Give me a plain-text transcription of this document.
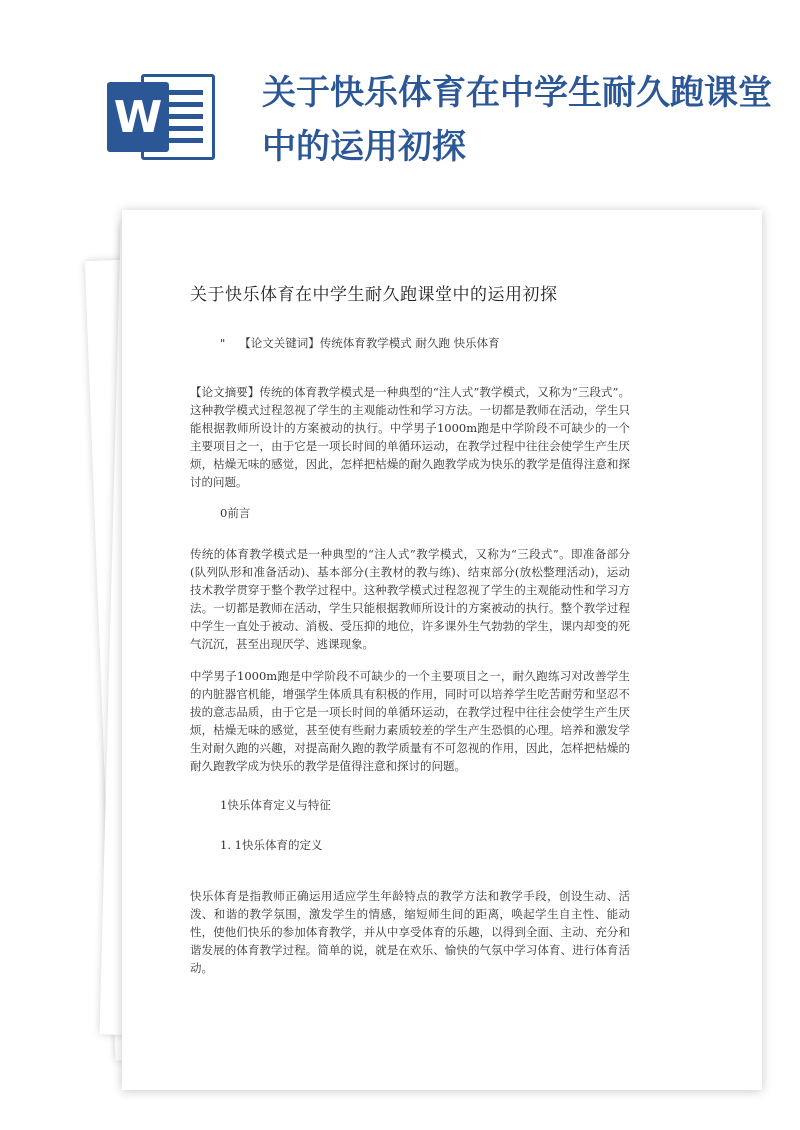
W	关于快乐体育在中学生耐久跑课堂中的运用初探
关于快乐体育在中学生耐久跑课堂中的运用初探
" 【论文关键词】传统体育教学模式 耐久跑 快乐体育

【论文摘要】传统的体育教学模式是一种典型的“注人式”教学模式，又称为“三段式”。这种教学模式过程忽视了学生的主观能动性和学习方法。一切都是教师在活动，学生只能根据教师所设计的方案被动的执行。中学男子1000m跑是中学阶段不可缺少的一个主要项目之一，由于它是一项长时间的单循环运动，在教学过程中往往会使学生产生厌烦，枯燥无味的感觉，因此，怎样把枯燥的耐久跑教学成为快乐的教学是值得注意和探讨的问题。

0前言

传统的体育教学模式是一种典型的“注人式”教学模式，又称为“三段式”。即准备部分(队列队形和准备活动)、基本部分(主教材的教与练)、结束部分(放松整理活动)，运动技术教学贯穿于整个教学过程中。这种教学模式过程忽视了学生的主观能动性和学习方法。一切都是教师在活动，学生只能根据教师所设计的方案被动的执行。整个教学过程中学生一直处于被动、消极、受压抑的地位，许多课外生气勃勃的学生，课内却变的死气沉沉，甚至出现厌学、逃课现象。

中学男子1000m跑是中学阶段不可缺少的一个主要项目之一，耐久跑练习对改善学生的内脏器官机能，增强学生体质具有积极的作用，同时可以培养学生吃苦耐劳和坚忍不拔的意志品质，由于它是一项长时间的单循环运动，在教学过程中往往会使学生产生厌烦，枯燥无味的感觉，甚至使有些耐力素质较差的学生产生恐惧的心理。培养和激发学生对耐久跑的兴趣，对提高耐久跑的教学质量有不可忽视的作用，因此，怎样把枯燥的耐久跑教学成为快乐的教学是值得注意和探讨的问题。

1快乐体育定义与特征
1. 1快乐体育的定义

快乐体育是指教师正确运用适应学生年龄特点的教学方法和教学手段，创设生动、活泼、和谐的教学氛围，激发学生的情感，缩短师生间的距离，唤起学生自主性、能动性，使他们快乐的参加体育教学，并从中享受体育的乐趣，以得到全面、主动、充分和谐发展的体育教学过程。简单的说，就是在欢乐、愉快的气氛中学习体育、进行体育活动。
